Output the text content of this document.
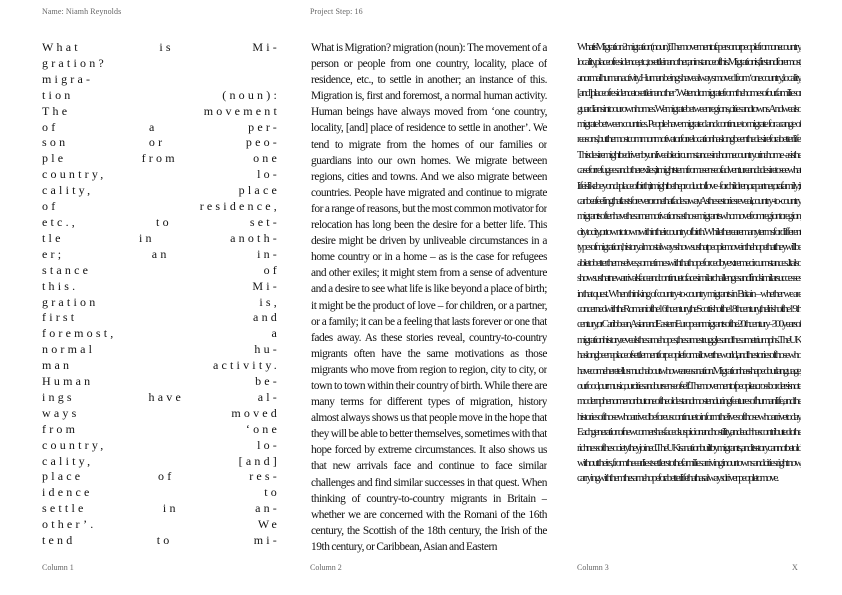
Name: Niamh Reynolds	Project Step: 16
What is Mi-
gration?
migra-
tion (noun):
The movement
of a per-
son or peo-
ple from one
country, lo-
cality, place
of residence,
etc., to set-
tle in anoth-
er; an in-
stance of
this. Mi-
gration is,
first and
foremost, a
normal hu-
man activity.
Human be-
ings have al-
ways moved
from ‘one
country, lo-
cality, [and]
place of res-
idence to
settle in an-
other’. We
tend to mi-
What is Migration? migration (noun): The movement of a person or people from one country, locality, place of residence, etc., to settle in another; an instance of this. Migration is, first and foremost, a normal human activity. Human beings have always moved from ‘one country, locality, [and] place of residence to settle in another’. We tend to migrate from the homes of our families or guardians into our own homes. We migrate between regions, cities and towns. And we also migrate between countries. People have migrated and continue to migrate for a range of reasons, but the most common motivator for relocation has long been the desire for a better life. This desire might be driven by unliveable circumstances in a home country or in a home – as is the case for refugees and other exiles; it might stem from a sense of adventure and a desire to see what life is like beyond a place of birth; it might be the product of love – for children, or a partner, or a family; it can be a feeling that lasts forever or one that fades away. As these stories reveal, country-to-country migrants often have the same motivations as those migrants who move from region to region, city to city, or town to town within their country of birth. While there are many terms for different types of migration, history almost always shows us that people move in the hope that they will be able to better themselves, sometimes with that hope forced by extreme circumstances. It also shows us that new arrivals face and continue to face similar challenges and find similar successes in that quest. When thinking of country-to-country migrants in Britain – whether we are concerned with the Romani of the 16th century, the Scottish of the 18th century, the Irish of the 19th century, or Caribbean, Asian and Eastern
What is Migration? migration (noun): The movement of a person or people from one country, locality, place of residence, etc., to settle in another; an instance of this. Migration is, first and foremost, a normal human activity. Human beings have always moved from ‘one country, locality, [and] place of residence to settle in another’. We tend to migrate from the homes of our families or guardians into our own homes. We migrate between regions, cities and towns. And we also migrate between countries. People have migrated and continue to migrate for a range of reasons, but the most common motivator for relocation has long been the desire for a better life. This desire might be driven by unliveable circumstances in a home country or in a home – as is the case for refugees and other exiles; it might stem from a sense of adventure and a desire to see what life is like beyond a place of birth; it might be the product of love – for children, or a partner, or a family; it can be a feeling that lasts forever or one that fades away. As these stories reveal, country-to-country migrants often have the same motivations as those migrants who move from region to region, city to city, or town to town within their country of birth. While there are many terms for different types of migration, history almost always shows us that people move in the hope that they will be able to better themselves, sometimes with that hope forced by extreme circumstances. It also shows us that new arrivals face and continue to face similar challenges and find similar successes in that quest. When thinking of country-to-country migrants in Britain – whether we are concerned with the Romani of the 16th century, the Scottish of the 18th century, the Irish of the 19th century, or Caribbean, Asian and Eastern European migrants of the 20th century – 300 years of migration history reveals the same hopes, the same struggles and the same triumphs. The UK has long been a place of settlement for people from all over the world, and the stories of those who have come here tell us much about who we are as a nation. Migration has shaped our language, our food, our music, our cities and our sense of self. The movement of people across borders is not a modern phenomenon but one of the oldest and most enduring features of human life, and the histories of those who arrived before us continue to inform the lives of those who arrive today. Each generation of newcomers has faced suspicion and hostility, and each has contributed to the richness of the society they joined. The UK is a nation built by migrants, and its story cannot be told without theirs, from the earliest settlers to the families arriving in our towns and cities right now, carrying with them the same hope for a better life that has always driven people to move.
Column 1	Column 2	Column 3	X
